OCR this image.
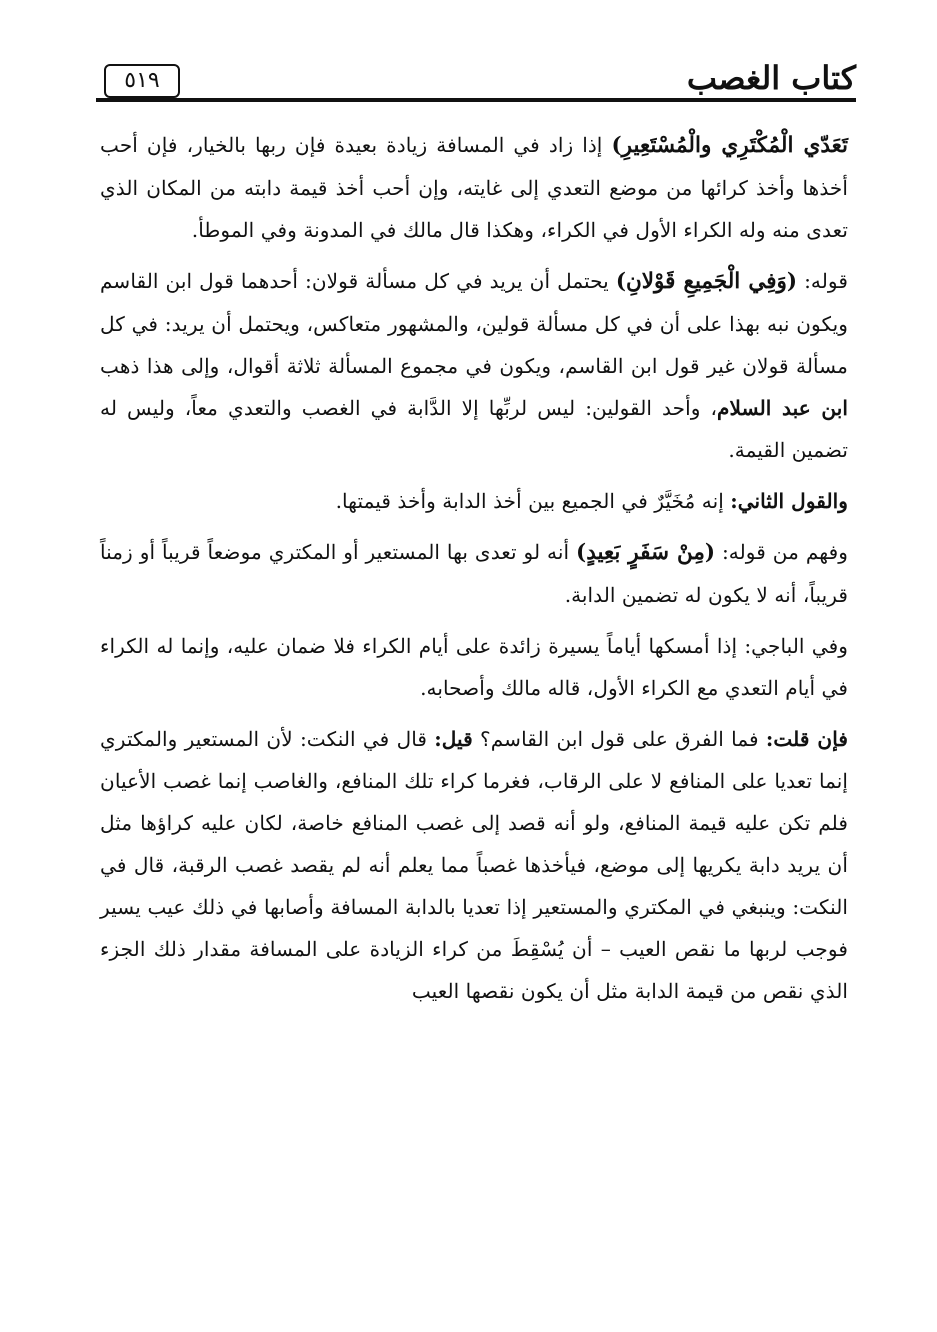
كتاب الغصب
٥١٩

تَعَدّي الْمُكْتَرِي والْمُسْتَعِيرِ) إذا زاد في المسافة زيادة بعيدة فإن ربها بالخيار، فإن أحب أخذها وأخذ كرائها من موضع التعدي إلى غايته، وإن أحب أخذ قيمة دابته من المكان الذي تعدى منه وله الكراء الأول في الكراء، وهكذا قال مالك في المدونة وفي الموطأ.

قوله: (وَفِي الْجَمِيعِ قَوْلانِ) يحتمل أن يريد في كل مسألة قولان: أحدهما قول ابن القاسم ويكون نبه بهذا على أن في كل مسألة قولين، والمشهور متعاكس، ويحتمل أن يريد: في كل مسألة قولان غير قول ابن القاسم، ويكون في مجموع المسألة ثلاثة أقوال، وإلى هذا ذهب ابن عبد السلام، وأحد القولين: ليس لربِّها إلا الدَّابة في الغصب والتعدي معاً، وليس له تضمين القيمة.

والقول الثاني: إنه مُخَيَّرٌ في الجميع بين أخذ الدابة وأخذ قيمتها.

وفهم من قوله: (مِنْ سَفَرٍ بَعِيدٍ) أنه لو تعدى بها المستعير أو المكتري موضعاً قريباً أو زمناً قريباً، أنه لا يكون له تضمين الدابة.

وفي الباجي: إذا أمسكها أياماً يسيرة زائدة على أيام الكراء فلا ضمان عليه، وإنما له الكراء في أيام التعدي مع الكراء الأول، قاله مالك وأصحابه.

فإن قلت: فما الفرق على قول ابن القاسم؟ قيل: قال في النكت: لأن المستعير والمكتري إنما تعديا على المنافع لا على الرقاب، فغرما كراء تلك المنافع، والغاصب إنما غصب الأعيان فلم تكن عليه قيمة المنافع، ولو أنه قصد إلى غصب المنافع خاصة، لكان عليه كراؤها مثل أن يريد دابة يكريها إلى موضع، فيأخذها غصباً مما يعلم أنه لم يقصد غصب الرقبة، قال في النكت: وينبغي في المكتري والمستعير إذا تعديا بالدابة المسافة وأصابها في ذلك عيب يسير فوجب لربها ما نقص العيب – أن يُسْقِطَ من كراء الزيادة على المسافة مقدار ذلك الجزء الذي نقص من قيمة الدابة مثل أن يكون نقصها العيب
